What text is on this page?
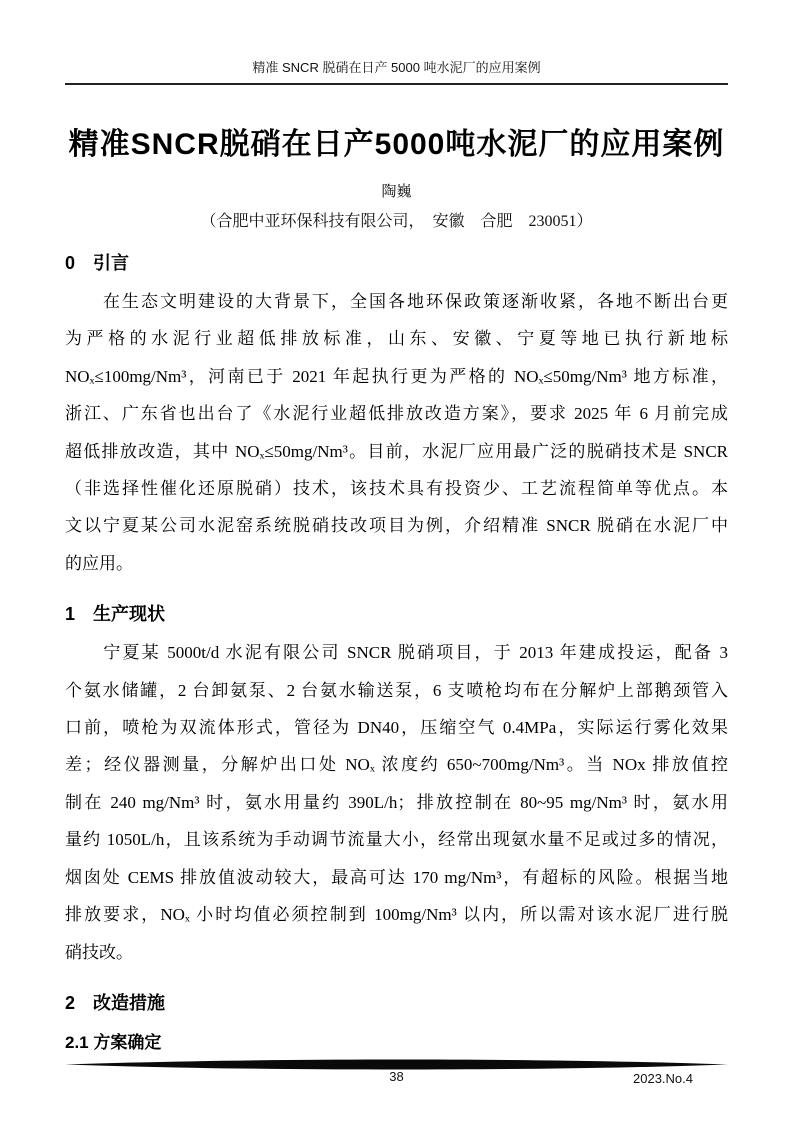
精准 SNCR 脱硝在日产 5000 吨水泥厂的应用案例
精准SNCR脱硝在日产5000吨水泥厂的应用案例
陶巍
（合肥中亚环保科技有限公司，　安徽　合肥　230051）
0　引言
　　在生态文明建设的大背景下，全国各地环保政策逐渐收紧，各地不断出台更
为严格的水泥行业超低排放标准，山东、安徽、宁夏等地已执行新地标
NOₓ≤100mg/Nm³，河南已于 2021 年起执行更为严格的 NOₓ≤50mg/Nm³ 地方标准，
浙江、广东省也出台了《水泥行业超低排放改造方案》，要求 2025 年 6 月前完成
超低排放改造，其中 NOₓ≤50mg/Nm³。目前，水泥厂应用最广泛的脱硝技术是 SNCR
（非选择性催化还原脱硝）技术，该技术具有投资少、工艺流程简单等优点。本
文以宁夏某公司水泥窑系统脱硝技改项目为例，介绍精准 SNCR 脱硝在水泥厂中
的应用。
1　生产现状
　　宁夏某 5000t/d 水泥有限公司 SNCR 脱硝项目，于 2013 年建成投运，配备 3
个氨水储罐，2 台卸氨泵、2 台氨水输送泵，6 支喷枪均布在分解炉上部鹅颈管入
口前，喷枪为双流体形式，管径为 DN40，压缩空气 0.4MPa，实际运行雾化效果
差；经仪器测量，分解炉出口处 NOₓ 浓度约 650~700mg/Nm³。当 NOx 排放值控
制在 240 mg/Nm³ 时，氨水用量约 390L/h；排放控制在 80~95 mg/Nm³ 时，氨水用
量约 1050L/h，且该系统为手动调节流量大小，经常出现氨水量不足或过多的情况，
烟囱处 CEMS 排放值波动较大，最高可达 170 mg/Nm³，有超标的风险。根据当地
排放要求，NOₓ 小时均值必须控制到 100mg/Nm³ 以内，所以需对该水泥厂进行脱
硝技改。
2　改造措施
2.1 方案确定
38	2023.No.4
